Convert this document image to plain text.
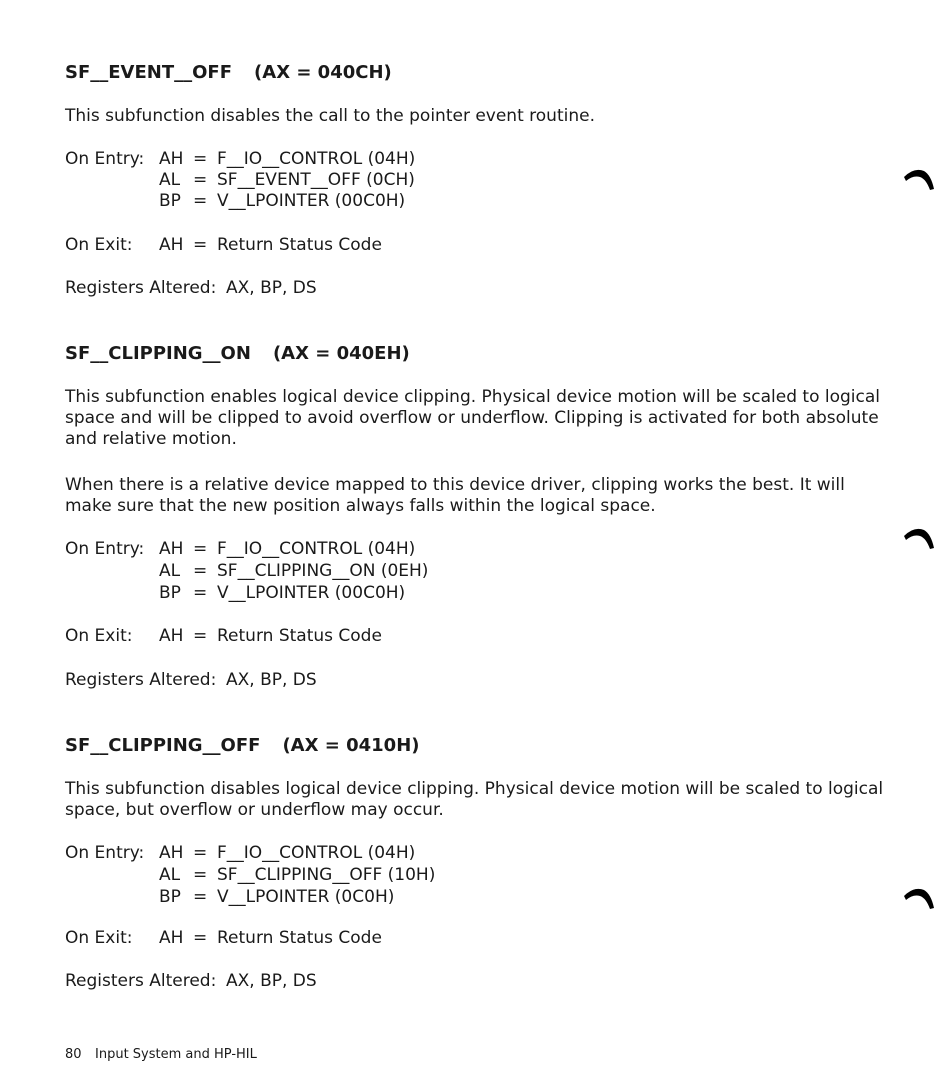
SF__EVENT__OFF (AX = 040CH)
This subfunction disables the call to the pointer event routine.
On Entry: AH = F__IO__CONTROL (04H)
AL = SF__EVENT__OFF (0CH)
BP = V__LPOINTER (00C0H)
On Exit: AH = Return Status Code
Registers Altered: AX, BP, DS
SF__CLIPPING__ON (AX = 040EH)
This subfunction enables logical device clipping. Physical device motion will be scaled to logical space and will be clipped to avoid overflow or underflow. Clipping is activated for both absolute and relative motion.
When there is a relative device mapped to this device driver, clipping works the best. It will make sure that the new position always falls within the logical space.
On Entry: AH = F__IO__CONTROL (04H)
AL = SF__CLIPPING__ON (0EH)
BP = V__LPOINTER (00C0H)
On Exit: AH = Return Status Code
Registers Altered: AX, BP, DS
SF__CLIPPING__OFF (AX = 0410H)
This subfunction disables logical device clipping. Physical device motion will be scaled to logical space, but overflow or underflow may occur.
On Entry: AH = F__IO__CONTROL (04H)
AL = SF__CLIPPING__OFF (10H)
BP = V__LPOINTER (0C0H)
On Exit: AH = Return Status Code
Registers Altered: AX, BP, DS
80 Input System and HP-HIL
